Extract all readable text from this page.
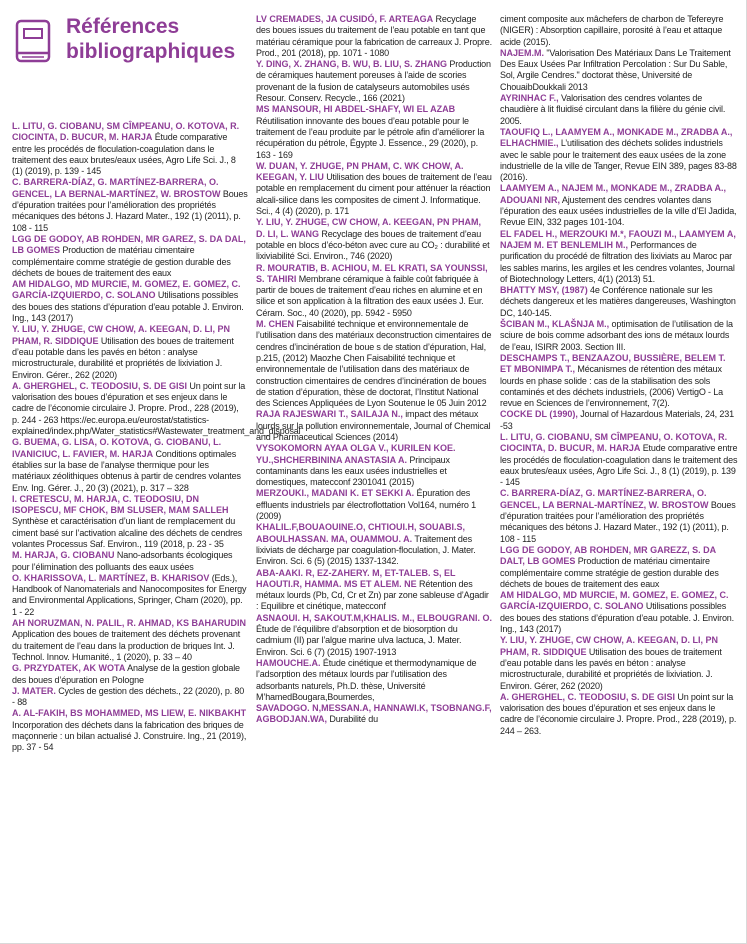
Références
bibliographiques

L. LITU, G. CIOBANU, SM CÎMPEANU, O. KOTOVA, R. CIOCINTA, D. BUCUR, M. HARJA Étude comparative entre les procédés de floculation-coagulation dans le traitement des eaux brutes/eaux usées, Agro Life Sci. J., 8 (1) (2019), p. 139 - 145

C. BARRERA-DÍAZ, G. MARTÍNEZ-BARRERA, O. GENCEL, LA BERNAL-MARTÍNEZ, W. BROSTOW Boues d’épuration traitées pour l’amélioration des propriétés mécaniques des bétons J. Hazard Mater., 192 (1) (2011), p. 108 - 115

LGG DE GODOY, AB ROHDEN, MR GAREZ, S. DA DAL, LB GOMES Production de matériau cimentaire complémentaire comme stratégie de gestion durable des déchets de boues de traitement des eaux

AM HIDALGO, MD MURCIE, M. GOMEZ, E. GOMEZ, C. GARCÍA-IZQUIERDO, C. SOLANO Utilisations possibles des boues des stations d’épuration d’eau potable J. Environ. Ing., 143 (2017)

Y. LIU, Y. ZHUGE, CW CHOW, A. KEEGAN, D. LI, PN PHAM, R. SIDDIQUE Utilisation des boues de traitement d’eau potable dans les pavés en béton : analyse microstructurale, durabilité et propriétés de lixiviation J. Environ. Gérer., 262 (2020)

A. GHERGHEL, C. TEODOSIU, S. DE GISI Un point sur la valorisation des boues d’épuration et ses enjeux dans le cadre de l’économie circulaire J. Propre. Prod., 228 (2019), p. 244 - 263 https://ec.europa.eu/eurostat/statistics-explained/index.php/Water_statistics#Wastewater_treatment_and_disposal

G. BUEMA, G. LISA, O. KOTOVA, G. CIOBANU, L. IVANICIUC, L. FAVIER, M. HARJA Conditions optimales établies sur la base de l’analyse thermique pour les matériaux zéolithiques obtenus à partir de cendres volantes Env. Ing. Gérer. J., 20 (3) (2021), p. 317 – 328

I. CRETESCU, M. HARJA, C. TEODOSIU, DN ISOPESCU, MF CHOK, BM SLUSER, MAM SALLEH Synthèse et caractérisation d’un liant de remplacement du ciment basé sur l’activation alcaline des déchets de cendres volantes Processus Saf. Environ., 119 (2018, p. 23 - 35

M. HARJA, G. CIOBANU Nano-adsorbants écologiques pour l’élimination des polluants des eaux usées

O. KHARISSOVA, L. MARTÍNEZ, B. KHARISOV (Eds.), Handbook of Nanomaterials and Nanocomposites for Energy and Environmental Applications, Springer, Cham (2020), pp. 1 - 22

AH NORUZMAN, N. PALIL, R. AHMAD, KS BAHARUDIN Application des boues de traitement des déchets provenant du traitement de l’eau dans la production de briques Int. J. Technol. Innov. Humanité., 1 (2020), p. 33 – 40

G. PRZYDATEK, AK WOTA Analyse de la gestion globale des boues d’épuration en Pologne

J. MATER. Cycles de gestion des déchets., 22 (2020), p. 80 - 88

A. AL-FAKIH, BS MOHAMMED, MS LIEW, E. NIKBAKHT Incorporation des déchets dans la fabrication des briques de maçonnerie : un bilan actualisé J. Construire. Ing., 21 (2019), pp. 37 - 54

LV CREMADES, JA CUSIDÓ, F. ARTEAGA Recyclage des boues issues du traitement de l’eau potable en tant que matériau céramique pour la fabrication de carreaux J. Propre. Prod., 201 (2018), pp. 1071 - 1080

Y. DING, X. ZHANG, B. WU, B. LIU, S. ZHANG Production de céramiques hautement poreuses à l’aide de scories provenant de la fusion de catalyseurs automobiles usés Resour. Conserv. Recycle., 166 (2021)

MS MANSOUR, HI ABDEL-SHAFY, WI EL AZAB Réutilisation innovante des boues d’eau potable pour le traitement de l’eau produite par le pétrole afin d’améliorer la récupération du pétrole, Égypte J. Essence., 29 (2020), p. 163 - 169

W. DUAN, Y. ZHUGE, PN PHAM, C. WK CHOW, A. KEEGAN, Y. LIU Utilisation des boues de traitement de l’eau potable en remplacement du ciment pour atténuer la réaction alcali-silice dans les composites de ciment J. Informatique. Sci., 4 (4) (2020), p. 171

Y. LIU, Y. ZHUGE, CW CHOW, A. KEEGAN, PN PHAM, D. LI, L. WANG Recyclage des boues de traitement d’eau potable en blocs d’éco-béton avec cure au CO₂ : durabilité et lixiviabilité Sci. Environ., 746 (2020)

R. MOURATIB, B. ACHIOU, M. EL KRATI, SA YOUNSSI, S. TAHIRI Membrane céramique à faible coût fabriquée à partir de boues de traitement d’eau riches en alumine et en silice et son application à la filtration des eaux usées J. Eur. Céram. Soc., 40 (2020), pp. 5942 - 5950

M. CHEN Faisabilité technique et environnementale de l’utilisation dans des matériaux deconstruction cimentaires de cendres d’incinération de boue s de station d’épuration, Hal, p.215, (2012) Maozhe Chen Faisabilité technique et environnementale de l’utilisation dans des matériaux de construction cimentaires de cendres d’incinération de boues de station d’épuration, thèse de doctorat, l’Institut National des Sciences Appliquées de Lyon Soutenue le 05 Juin 2012

RAJA RAJESWARI T., SAILAJA N., impact des métaux lourds sur la pollution environnementale, Journal of Chemical and Pharmaceutical Sciences (2014)

VYSOKOMORN AYAA OLGA V., KURILEN KOE. YU.,SHCHERBININA ANASTASIA A. Principaux contaminants dans les eaux usées industrielles et domestiques, matecconf 2301041 (2015)

MERZOUKI., MADANI K. ET SEKKI A. Épuration des effluents industriels par électroflottation Vol164, numéro 1 (2009)

KHALIL.F,BOUAOUINE.O, CHTIOUI.H, SOUABI.S, ABOULHASSAN. MA, OUAMMOU. A. Traitement des lixiviats de décharge par coagulation-floculation, J. Mater. Environ. Sci. 6 (5) (2015) 1337-1342.

ABA-AAKI. R, EZ-ZAHERY. M, ET-TALEB. S, EL HAOUTI.R, HAMMA. MS ET ALEM. NE Rétention des métaux lourds (Pb, Cd, Cr et Zn) par zone sableuse d’Agadir : Equilibre et cinétique, matecconf

ASNAOUI. H, SAKOUT.M,KHALIS. M., ELBOUGRANI. O. Étude de l’équilibre d’absorption et de biosorption du cadmium (II) par l’algue marine ulva lactuca, J. Mater. Environ. Sci. 6 (7) (2015) 1907-1913

HAMOUCHE.A. Étude cinétique et thermodynamique de l’adsorption des métaux lourds par l’utilisation des adsorbants naturels, Ph.D. thèse, Université M’hamedBougara,Boumerdes,

SAVADOGO. N,MESSAN.A, HANNAWI.K, TSOBNANG.F, AGBODJAN.WA, Durabilité du

ciment composite aux mâchefers de charbon de Tefereyre (NIGER) : Absorption capillaire, porosité à l’eau et attaque acide (2015).

NAJEM.M. "Valorisation Des Matériaux Dans Le Traitement Des Eaux Usées Par Infiltration Percolation : Sur Du Sable, Sol, Argile Cendres." doctorat thèse, Université de ChouaibDoukkali 2013

AYRINHAC F., Valorisation des cendres volantes de chaudière à lit fluidisé circulant dans la filière du génie civil. 2005.

TAOUFIQ L., LAAMYEM A., MONKADE M., ZRADBA A., ELHACHMIE., L’utilisation des déchets solides industriels avec le sable pour le traitement des eaux usées de la zone industrielle de la ville de Tanger, Revue EIN 389, pages 83-88 (2016).

LAAMYEM A., NAJEM M., MONKADE M., ZRADBA A., ADOUANI NR, Ajustement des cendres volantes dans l’épuration des eaux usées industrielles de la ville d’El Jadida, Revue EIN, 332 pages 101-104.

EL FADEL H., MERZOUKI M.*, FAOUZI M., LAAMYEM A, NAJEM M. ET BENLEMLIH M., Performances de purification du procédé de filtration des lixiviats au Maroc par les sables marins, les argiles et les cendres volantes, Journal of Biotechnology Letters, 4(1) (2013) 51.

BHATTY MSY, (1987) 4e Conférence nationale sur les déchets dangereux et les matières dangereuses, Washington DC, 140-145.

ŠCIBAN M., KLAŠNJA M., optimisation de l’utilisation de la sciure de bois comme adsorbant des ions de métaux lourds de l’eau, ISIRR 2003. Section III.

DESCHAMPS T., BENZAAZOU, BUSSIÈRE, BELEM T. ET MBONIMPA T., Mécanismes de rétention des métaux lourds en phase solide : cas de la stabilisation des sols contaminés et des déchets industriels, (2006) VertigO - La revue en Sciences de l’environnement, 7(2).

COCKE DL (1990), Journal of Hazardous Materials, 24, 231 -53

L. LITU, G. CIOBANU, SM CÎMPEANU, O. KOTOVA, R. CIOCINTA, D. BUCUR, M. HARJA Etude comparative entre les procédés de floculation-coagulation dans le traitement des eaux brutes/eaux usées, Agro Life Sci. J., 8 (1) (2019), p. 139 - 145

C. BARRERA-DÍAZ, G. MARTÍNEZ-BARRERA, O. GENCEL, LA BERNAL-MARTÍNEZ, W. BROSTOW Boues d’épuration traitées pour l’amélioration des propriétés mécaniques des bétons J. Hazard Mater., 192 (1) (2011), p. 108 - 115

LGG DE GODOY, AB ROHDEN, MR GAREZZ, S. DA DALT, LB GOMES Production de matériau cimentaire complémentaire comme stratégie de gestion durable des déchets de boues de traitement des eaux

AM HIDALGO, MD MURCIE, M. GOMEZ, E. GOMEZ, C. GARCÍA-IZQUIERDO, C. SOLANO Utilisations possibles des boues des stations d’épuration d’eau potable. J. Environ. Ing., 143 (2017)

Y. LIU, Y. ZHUGE, CW CHOW, A. KEEGAN, D. LI, PN PHAM, R. SIDDIQUE Utilisation des boues de traitement d’eau potable dans les pavés en béton : analyse microstructurale, durabilité et propriétés de lixiviation. J. Environ. Gérer, 262 (2020)

A. GHERGHEL, C. TEODOSIU, S. DE GISI Un point sur la valorisation des boues d’épuration et ses enjeux dans le cadre de l’économie circulaire J. Propre. Prod., 228 (2019), p. 244 – 263.
